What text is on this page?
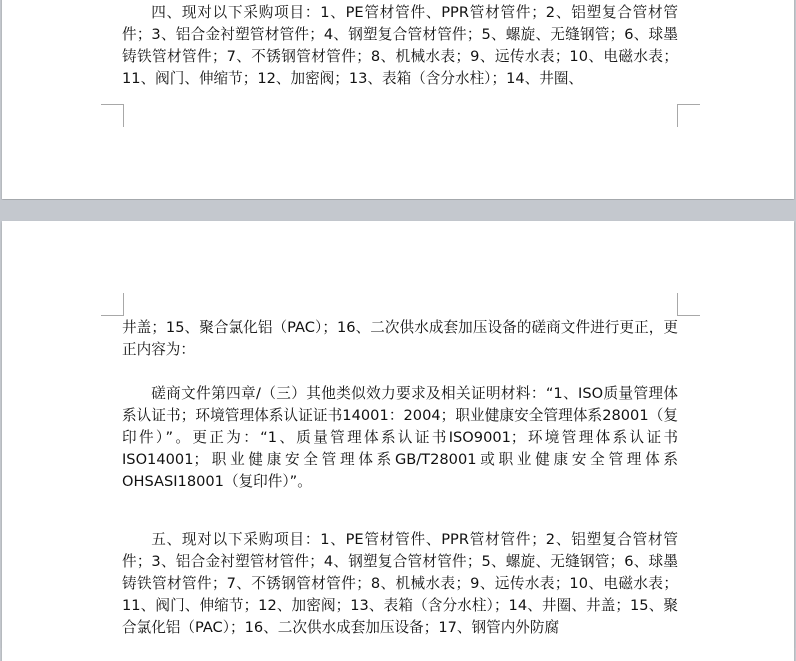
四、现对以下采购项目：1、PE管材管件、PPR管材管件；2、铝塑复合管材管件；3、铝合金衬塑管材管件；4、钢塑复合管材管件；5、螺旋、无缝钢管；6、球墨铸铁管材管件；7、不锈钢管材管件；8、机械水表；9、远传水表；10、电磁水表；11、阀门、伸缩节；12、加密阀；13、表箱（含分水柱）；14、井圈、

井盖；15、聚合氯化铝（PAC）；16、二次供水成套加压设备的磋商文件进行更正，更正内容为：

磋商文件第四章/（三）其他类似效力要求及相关证明材料：“1、ISO质量管理体系认证书；环境管理体系认证证书14001：2004；职业健康安全管理体系28001（复印件）”。更正为：“1、质量管理体系认证书ISO9001；环境管理体系认证书ISO14001；职业健康安全管理体系GB/T28001或职业健康安全管理体系OHSASI18001（复印件）”。

五、现对以下采购项目：1、PE管材管件、PPR管材管件；2、铝塑复合管材管件；3、铝合金衬塑管材管件；4、钢塑复合管材管件；5、螺旋、无缝钢管；6、球墨铸铁管材管件；7、不锈钢管材管件；8、机械水表；9、远传水表；10、电磁水表；11、阀门、伸缩节；12、加密阀；13、表箱（含分水柱）；14、井圈、井盖；15、聚合氯化铝（PAC）；16、二次供水成套加压设备；17、钢管内外防腐
